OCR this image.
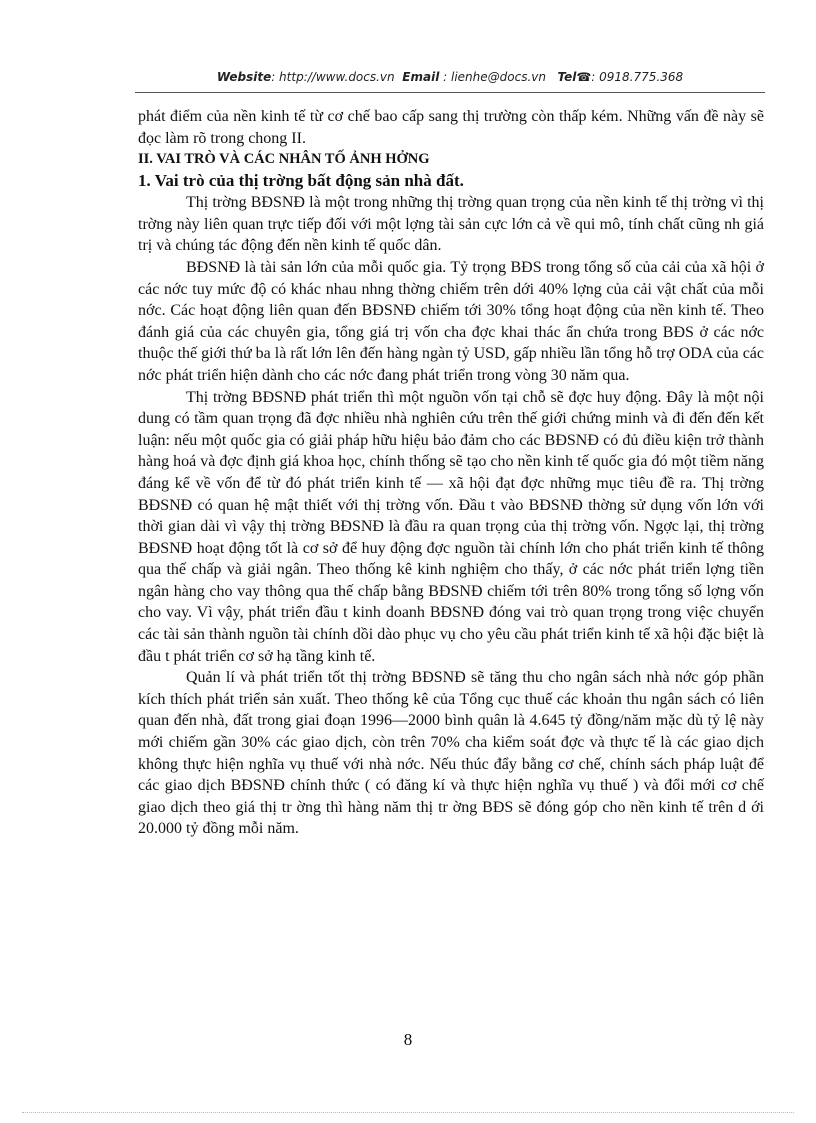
Website: http://www.docs.vn Email : lienhe@docs.vn Tel☎: 0918.775.368

phát điểm của nền kinh tế từ cơ chế bao cấp sang thị trường còn thấp kém. Những vấn đề này sẽ đọc làm rõ trong chong II.

II. VAI TRÒ VÀ CÁC NHÂN TỐ ẢNH HỞNG

1. Vai trò của thị trờng bất động sản nhà đất.

Thị trờng BĐSNĐ là một trong những thị trờng quan trọng của nền kinh tế thị trờng vì thị trờng này liên quan trực tiếp đối với một lợng tài sản cực lớn cả về qui mô, tính chất cũng nh giá trị và chúng tác động đến nền kinh tế quốc dân.

BĐSNĐ là tài sản lớn của mỗi quốc gia. Tỷ trọng BĐS trong tổng số của cải của xã hội ở các nớc tuy mức độ có khác nhau nhng thờng chiếm trên dới 40% lợng của cải vật chất của mỗi nớc. Các hoạt động liên quan đến BĐSNĐ chiếm tới 30% tổng hoạt động của nền kinh tế. Theo đánh giá của các chuyên gia, tổng giá trị vốn cha đợc khai thác ẩn chứa trong BĐS ở các nớc thuộc thế giới thứ ba là rất lớn lên đến hàng ngàn tỷ USD, gấp nhiều lần tổng hỗ trợ ODA của các nớc phát triển hiện dành cho các nớc đang phát triển trong vòng 30 năm qua.

Thị trờng BĐSNĐ phát triển thì một nguồn vốn tại chỗ sẽ đợc huy động. Đây là một nội dung có tầm quan trọng đã đợc nhiều nhà nghiên cứu trên thế giới chứng minh và đi đến đến kết luận: nếu một quốc gia có giải pháp hữu hiệu bảo đảm cho các BĐSNĐ có đủ điều kiện trở thành hàng hoá và đợc định giá khoa học, chính thống sẽ tạo cho nền kinh tế quốc gia đó một tiềm năng đáng kể về vốn để từ đó phát triển kinh tế — xã hội đạt đợc những mục tiêu đề ra. Thị trờng BĐSNĐ có quan hệ mật thiết với thị trờng vốn. Đầu t vào BĐSNĐ thờng sử dụng vốn lớn với thời gian dài vì vậy thị trờng BĐSNĐ là đầu ra quan trọng của thị trờng vốn. Ngợc lại, thị trờng BĐSNĐ hoạt động tốt là cơ sở để huy động đợc nguồn tài chính lớn cho phát triển kinh tế thông qua thế chấp và giải ngân. Theo thống kê kinh nghiệm cho thấy, ở các nớc phát triển lợng tiền ngân hàng cho vay thông qua thế chấp bằng BĐSNĐ chiếm tới trên 80% trong tổng số lợng vốn cho vay. Vì vậy, phát triển đầu t kinh doanh BĐSNĐ đóng vai trò quan trọng trong việc chuyển các tài sản thành nguồn tài chính dồi dào phục vụ cho yêu cầu phát triển kinh tế xã hội đặc biệt là đầu t phát triển cơ sở hạ tầng kinh tế.

Quản lí và phát triển tốt thị trờng BĐSNĐ sẽ tăng thu cho ngân sách nhà nớc góp phần kích thích phát triển sản xuất. Theo thống kê của Tổng cục thuế các khoản thu ngân sách có liên quan đến nhà, đất trong giai đoạn 1996—2000 bình quân là 4.645 tỷ đồng/năm mặc dù tỷ lệ này mới chiếm gần 30% các giao dịch, còn trên 70% cha kiểm soát đợc và thực tế là các giao dịch không thực hiện nghĩa vụ thuế với nhà nớc. Nếu thúc đẩy bằng cơ chế, chính sách pháp luật để các giao dịch BĐSNĐ chính thức ( có đăng kí và thực hiện nghĩa vụ thuế ) và đổi mới cơ chế giao dịch theo giá thị tr ờng thì hàng năm thị tr ờng BĐS sẽ đóng góp cho nền kinh tế trên d ới 20.000 tỷ đồng mỗi năm.

8
